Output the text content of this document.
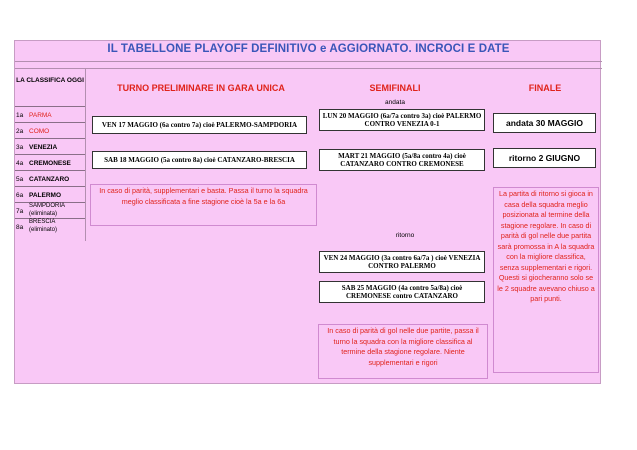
IL TABELLONE PLAYOFF DEFINITIVO e AGGIORNATO. INCROCI E DATE
LA CLASSIFICA OGGI
1a PARMA
2a COMO
3a VENEZIA
4a CREMONESE
5a CATANZARO
6a PALERMO
7a
SAMPDORIA (eliminata)
8a
BRESCIA (eliminato)
TURNO PRELIMINARE IN GARA UNICA	SEMIFINALI	FINALE
VEN 17 MAGGIO (6a contro 7a) cioè PALERMO-SAMPDORIA
SAB 18 MAGGIO (5a contro 8a) cioè CATANZARO-BRESCIA
In caso di parità, supplementari e basta. Passa il turno la squadra meglio classificata a fine stagione cioè la 5a e la 6a
andata
LUN 20 MAGGIO (6a/7a contro 3a) cioè PALERMO CONTRO VENEZIA 0-1
MART 21 MAGGIO (5a/8a contro 4a) cioè CATANZARO CONTRO CREMONESE
ritorno
VEN 24 MAGGIO (3a contro 6a/7a ) cioè VENEZIA CONTRO PALERMO
SAB 25 MAGGIO (4a contro 5a/8a) cioè CREMONESE contro CATANZARO
In caso di parità di gol nelle due partite, passa il turno la squadra con la migliore classifica al termine della stagione regolare. Niente supplementari e rigori
andata 30 MAGGIO
ritorno 2 GIUGNO
La partita di ritorno si gioca in casa della squadra meglio posizionata al termine della stagione regolare. In caso di parità di gol nelle due partita sarà promossa in A la squadra con la migliore classifica, senza supplementari e rigori. Questi si giocheranno solo se le 2 squadre avevano chiuso a pari punti.
